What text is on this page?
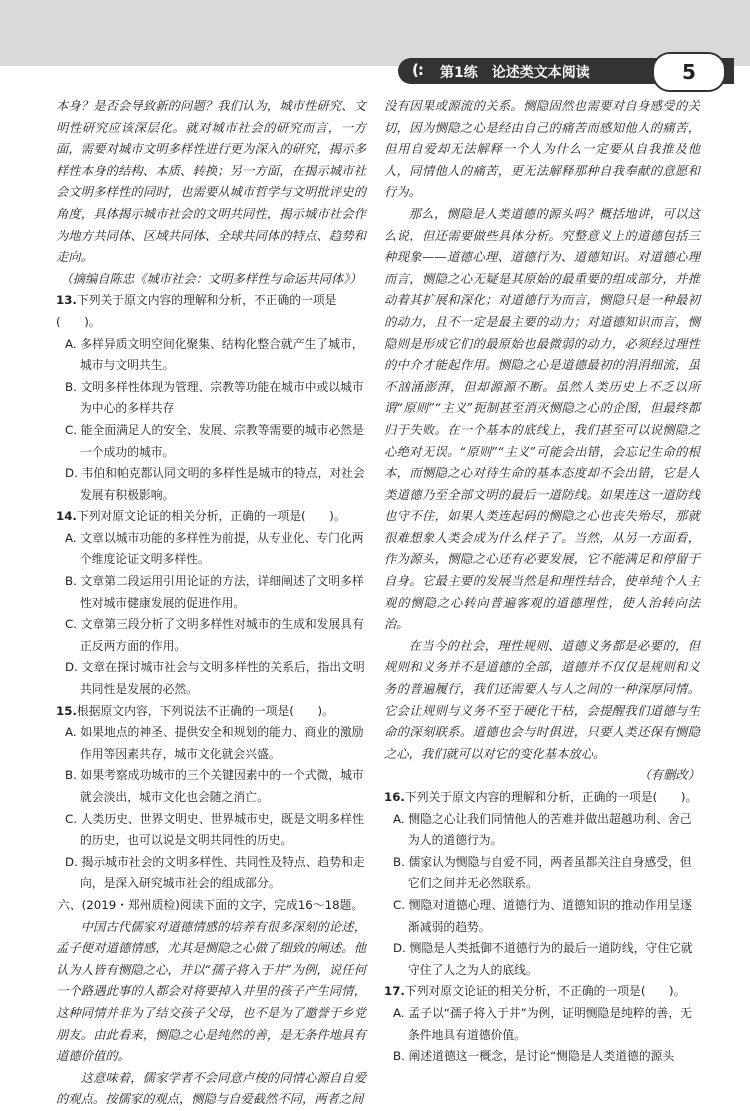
(: 第1练　论述类文本阅读	5

本身？是否会导致新的问题？我们认为，城市性研究、文明性研究应该深层化。就对城市社会的研究而言，一方面，需要对城市文明多样性进行更为深入的研究，揭示多样性本身的结构、本质、转换；另一方面，在揭示城市社会文明多样性的同时，也需要从城市哲学与文明批评史的角度，具体揭示城市社会的文明共同性，揭示城市社会作为地方共同体、区域共同体、全球共同体的特点、趋势和走向。

（摘编自陈忠《城市社会：文明多样性与命运共同体》）

13.下列关于原文内容的理解和分析，不正确的一项是(　　)。
A. 多样异质文明空间化聚集、结构化整合就产生了城市，城市与文明共生。
B. 文明多样性体现为管理、宗教等功能在城市中或以城市为中心的多样共存
C. 能全面满足人的安全、发展、宗教等需要的城市必然是一个成功的城市。
D. 韦伯和帕克都认同文明的多样性是城市的特点，对社会发展有积极影响。
14.下列对原文论证的相关分析，正确的一项是(　　)。
A. 文章以城市功能的多样性为前提，从专业化、专门化两个维度论证文明多样性。
B. 文章第二段运用引用论证的方法，详细阐述了文明多样性对城市健康发展的促进作用。
C. 文章第三段分析了文明多样性对城市的生成和发展具有正反两方面的作用。
D. 文章在探讨城市社会与文明多样性的关系后，指出文明共同性是发展的必然。
15.根据原文内容，下列说法不正确的一项是(　　)。
A. 如果地点的神圣、提供安全和规划的能力、商业的激励作用等因素共存，城市文化就会兴盛。
B. 如果考察成功城市的三个关键因素中的一个式微，城市就会淡出，城市文化也会随之消亡。
C. 人类历史、世界文明史、世界城市史，既是文明多样性的历史，也可以说是文明共同性的历史。
D. 揭示城市社会的文明多样性、共同性及特点、趋势和走向，是深入研究城市社会的组成部分。
六、(2019・郑州质检)阅读下面的文字，完成16～18题。

中国古代儒家对道德情感的培养有很多深刻的论述，孟子便对道德情感，尤其是恻隐之心做了细致的阐述。他认为人皆有恻隐之心，并以“孺子将入于井”为例，说任何一个路遇此事的人都会对将要掉入井里的孩子产生同情，这种同情并非为了结交孩子父母，也不是为了邀誉于乡党朋友。由此看来，恻隐之心是纯然的善，是无条件地具有道德价值的。

这意味着，儒家学者不会同意卢梭的同情心源自自爱的观点。按儒家的观点，恻隐与自爱截然不同，两者之间

没有因果或源流的关系。恻隐固然也需要对自身感受的关切，因为恻隐之心是经由自己的痛苦而感知他人的痛苦，但用自爱却无法解释一个人为什么一定要从自我推及他人，同情他人的痛苦，更无法解释那种自我奉献的意愿和行为。

那么，恻隐是人类道德的源头吗？概括地讲，可以这么说，但还需要做些具体分析。究整意义上的道德包括三种现象——道德心理、道德行为、道德知识。对道德心理而言，恻隐之心无疑是其原始的最重要的组成部分，并推动着其扩展和深化；对道德行为而言，恻隐只是一种最初的动力，且不一定是最主要的动力；对道德知识而言，恻隐则是形成它们的最原始也最微弱的动力，必须经过理性的中介才能起作用。恻隐之心是道德最初的涓涓细流，虽不汹涌澎湃，但却源源不断。虽然人类历史上不乏以所谓“原则”“主义”扼制甚至消灭恻隐之心的企图，但最终都归于失败。在一个基本的底线上，我们甚至可以说恻隐之心绝对无误。“原则”“主义”可能会出错，会忘记生命的根本，而恻隐之心对待生命的基本态度却不会出错，它是人类道德乃至全部文明的最后一道防线。如果连这一道防线也守不住，如果人类连起码的恻隐之心也丧失殆尽，那就很难想象人类会成为什么样子了。当然，从另一方面看，作为源头，恻隐之心还有必要发展，它不能满足和停留于自身。它最主要的发展当然是和理性结合，使单纯个人主观的恻隐之心转向普遍客观的道德理性，使人治转向法治。

在当今的社会，理性规则、道德义务都是必要的，但规则和义务并不是道德的全部，道德并不仅仅是规则和义务的普遍履行，我们还需要人与人之间的一种深厚同情。它会让规则与义务不至于硬化干枯，会提醒我们道德与生命的深刻联系。道德也会与时俱进，只要人类还保有恻隐之心，我们就可以对它的变化基本放心。

（有删改）

16.下列关于原文内容的理解和分析，正确的一项是(　　)。
A. 恻隐之心让我们同情他人的苦难并做出超越功利、舍己为人的道德行为。
B. 儒家认为恻隐与自爱不同，两者虽都关注自身感受，但它们之间并无必然联系。
C. 恻隐对道德心理、道德行为、道德知识的推动作用呈逐渐减弱的趋势。
D. 恻隐是人类抵御不道德行为的最后一道防线，守住它就守住了人之为人的底线。
17.下列对原文论证的相关分析，不正确的一项是(　　)。
A. 孟子以“孺子将入于井”为例，证明恻隐是纯粹的善，无条件地具有道德价值。
B. 阐述道德这一概念，是讨论“恻隐是人类道德的源头
